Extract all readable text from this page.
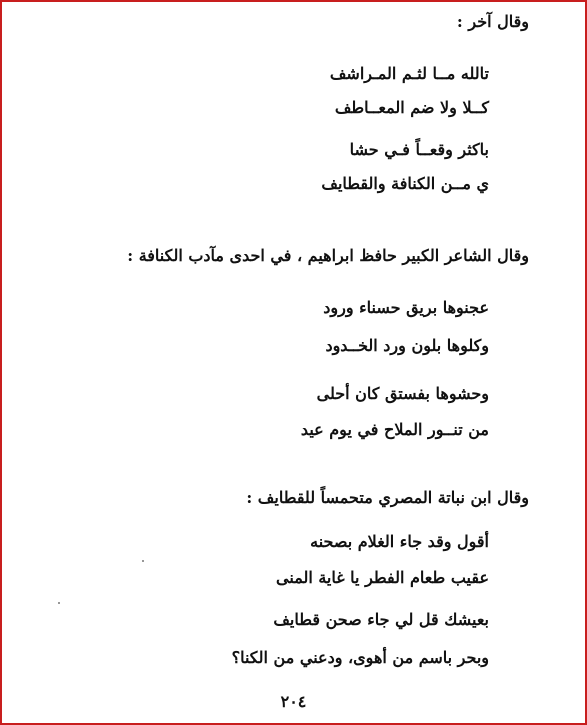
وقال آخر :
تالله مــا لثـم المـراشف
كــلا ولا ضم المعــاطف
باكثر وقعــاً فـي حشا
ي مــن الكنافة والقطايف
وقال الشاعر الكبير حافظ ابراهيم ، في احدى مآدب الكنافة :
عجنوها بريق حسناء ورود
وكلوها بلون ورد الخــدود
وحشوها بفستق كان أحلى
من تنــور الملاح في يوم عيد
وقال ابن نباتة المصري متحمساً للقطايف :
أقول وقد جاء الغلام بصحنه
عقيب طعام الفطر يا غاية المنى
بعيشك قل لي جاء صحن قطايف
وبحر باسم من أهوى، ودعني من الكنا؟
٢٠٤
